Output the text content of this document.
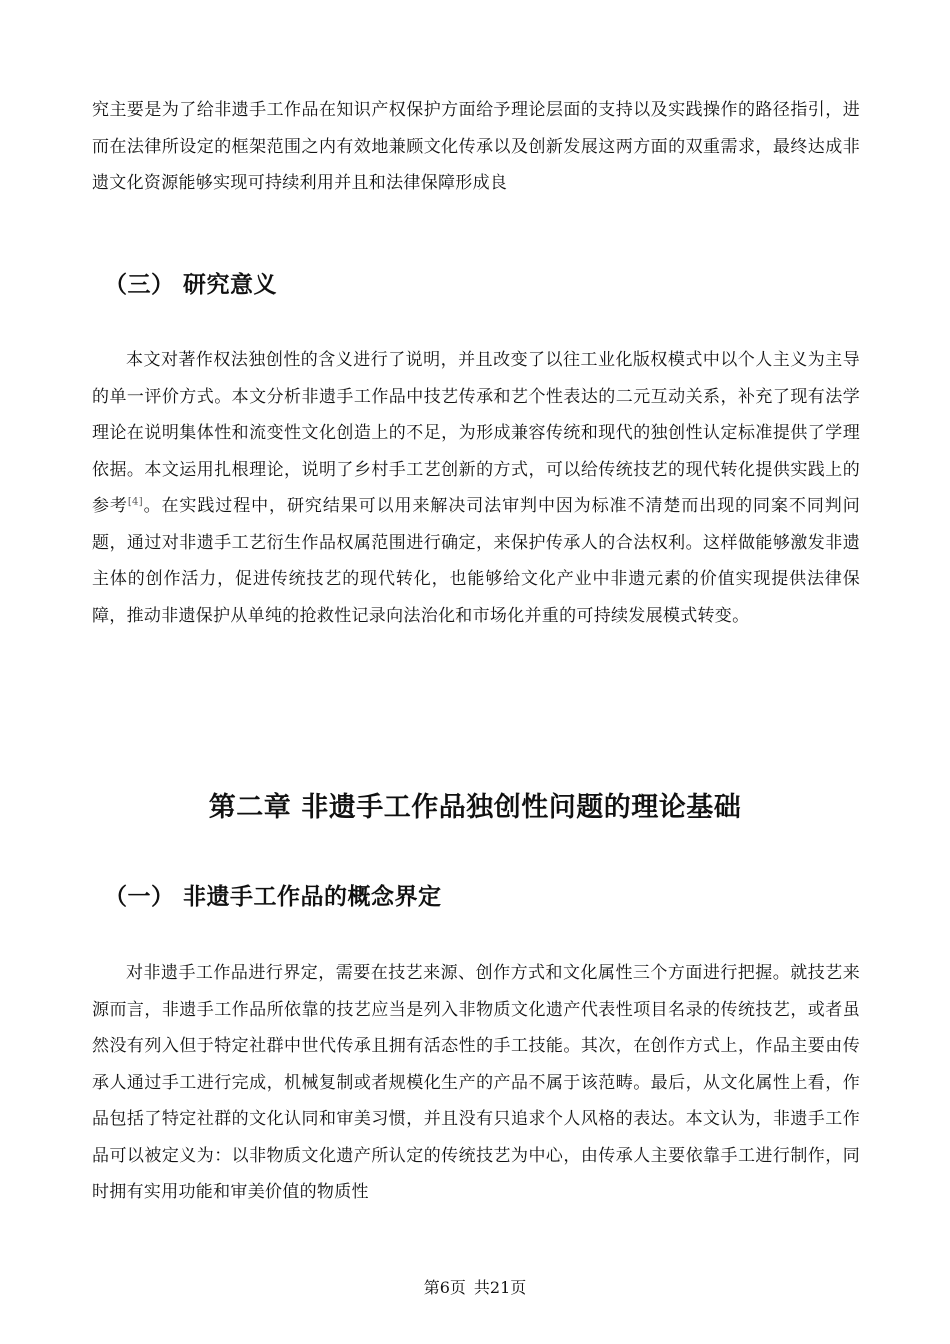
究主要是为了给非遗手工作品在知识产权保护方面给予理论层面的支持以及实践操作的路径指引，进而在法律所设定的框架范围之内有效地兼顾文化传承以及创新发展这两方面的双重需求，最终达成非遗文化资源能够实现可持续利用并且和法律保障形成良

（三） 研究意义

本文对著作权法独创性的含义进行了说明，并且改变了以往工业化版权模式中以个人主义为主导的单一评价方式。本文分析非遗手工作品中技艺传承和艺个性表达的二元互动关系，补充了现有法学理论在说明集体性和流变性文化创造上的不足，为形成兼容传统和现代的独创性认定标准提供了学理依据。本文运用扎根理论，说明了乡村手工艺创新的方式，可以给传统技艺的现代转化提供实践上的参考[4]。在实践过程中，研究结果可以用来解决司法审判中因为标准不清楚而出现的同案不同判问题，通过对非遗手工艺衍生作品权属范围进行确定，来保护传承人的合法权利。这样做能够激发非遗主体的创作活力，促进传统技艺的现代转化，也能够给文化产业中非遗元素的价值实现提供法律保障，推动非遗保护从单纯的抢救性记录向法治化和市场化并重的可持续发展模式转变。

第二章 非遗手工作品独创性问题的理论基础
（一） 非遗手工作品的概念界定

对非遗手工作品进行界定，需要在技艺来源、创作方式和文化属性三个方面进行把握。就技艺来源而言，非遗手工作品所依靠的技艺应当是列入非物质文化遗产代表性项目名录的传统技艺，或者虽然没有列入但于特定社群中世代传承且拥有活态性的手工技能。其次，在创作方式上，作品主要由传承人通过手工进行完成，机械复制或者规模化生产的产品不属于该范畴。最后，从文化属性上看，作品包括了特定社群的文化认同和审美习惯，并且没有只追求个人风格的表达。本文认为，非遗手工作品可以被定义为：以非物质文化遗产所认定的传统技艺为中心，由传承人主要依靠手工进行制作，同时拥有实用功能和审美价值的物质性

第6页 共21页
